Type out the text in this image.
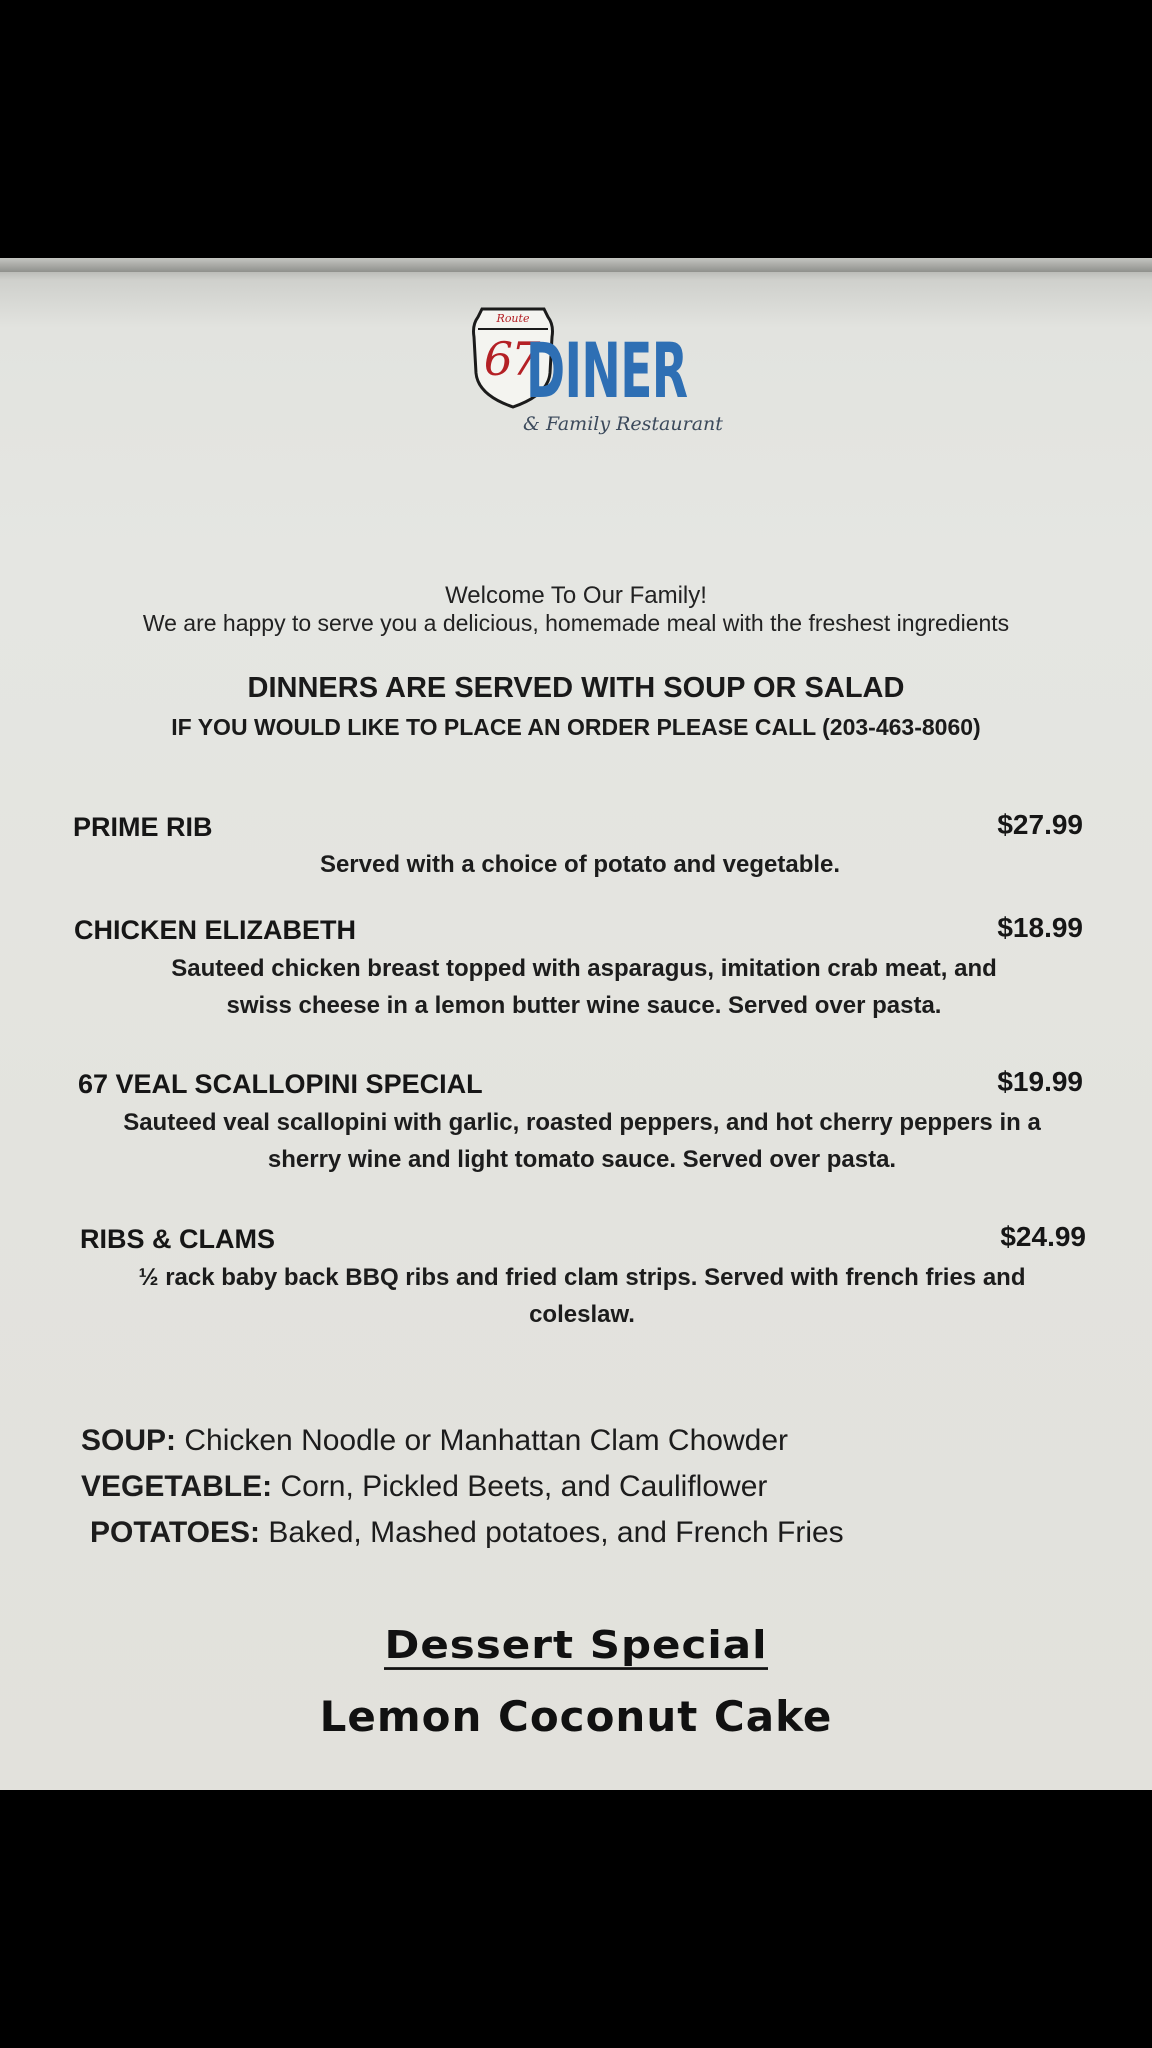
Route
67
DINER
& Family Restaurant
Welcome To Our Family!
We are happy to serve you a delicious, homemade meal with the freshest ingredients
DINNERS ARE SERVED WITH SOUP OR SALAD
IF YOU WOULD LIKE TO PLACE AN ORDER PLEASE CALL (203-463-8060)
PRIME RIB	$27.99
Served with a choice of potato and vegetable.
CHICKEN ELIZABETH	$18.99
Sauteed chicken breast topped with asparagus, imitation crab meat, and
swiss cheese in a lemon butter wine sauce. Served over pasta.
67 VEAL SCALLOPINI SPECIAL	$19.99
Sauteed veal scallopini with garlic, roasted peppers, and hot cherry peppers in a
sherry wine and light tomato sauce. Served over pasta.
RIBS & CLAMS	$24.99
½ rack baby back BBQ ribs and fried clam strips. Served with french fries and
coleslaw.
SOUP: Chicken Noodle or Manhattan Clam Chowder
VEGETABLE: Corn, Pickled Beets, and Cauliflower
POTATOES: Baked, Mashed potatoes, and French Fries
Dessert Special
Lemon Coconut Cake
